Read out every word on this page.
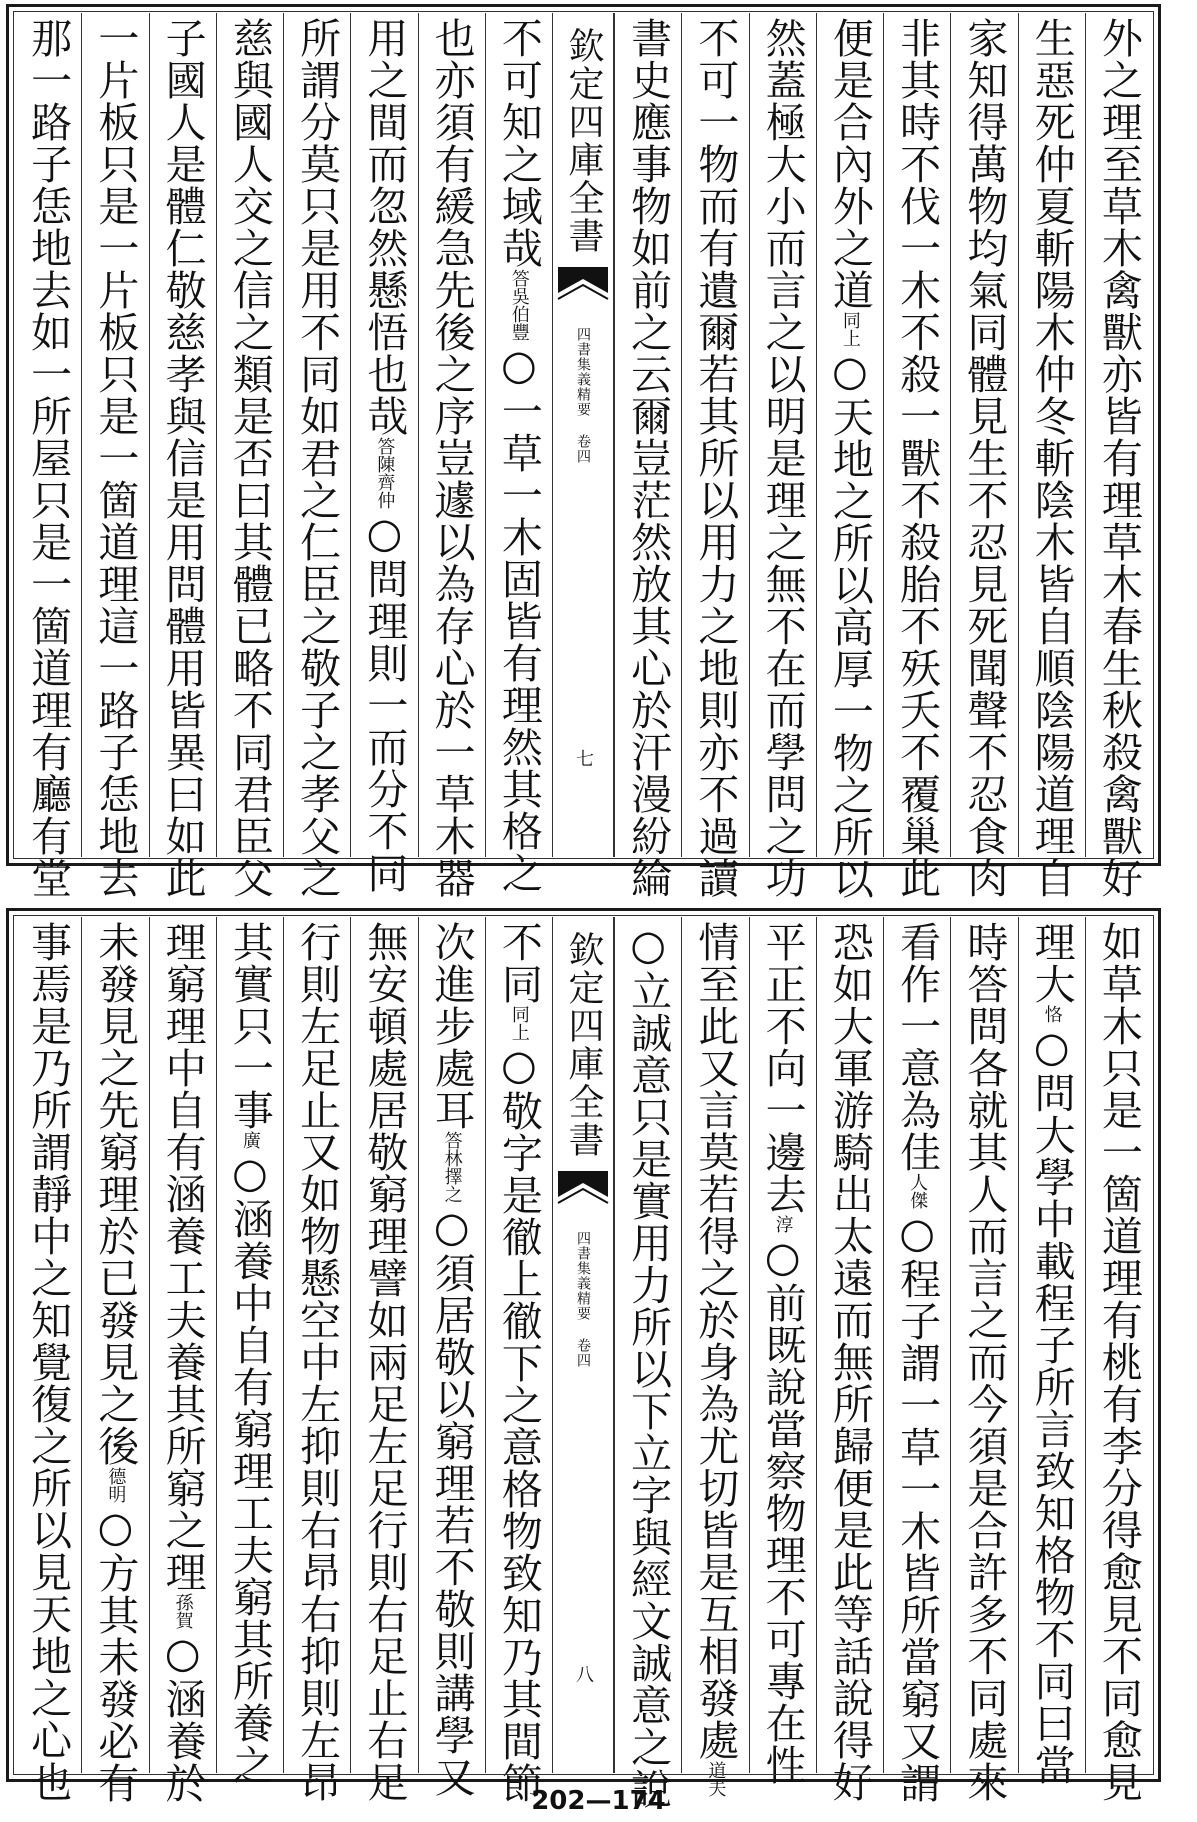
外之理至草木禽獸亦皆有理草木春生秋殺禽獸好
生惡死仲夏斬陽木仲冬斬陰木皆自順陰陽道理自
家知得萬物均氣同體見生不忍見死聞聲不忍食肉
非其時不伐一木不殺一獸不殺胎不殀夭不覆巢此
便是合內外之道同上○天地之所以高厚一物之所以
然蓋極大小而言之以明是理之無不在而學問之功
不可一物而有遺爾若其所以用力之地則亦不過讀
書史應事物如前之云爾豈茫然放其心於汗漫紛綸
欽定四庫全書
四書集義精要 卷四
七
不可知之域哉答吳伯豐○一草一木固皆有理然其格之
也亦須有緩急先後之序豈遽以為存心於一草木器
用之間而忽然懸悟也哉答陳齊仲○問理則一而分不同
所謂分莫只是用不同如君之仁臣之敬子之孝父之
慈與國人交之信之類是否曰其體已略不同君臣父
子國人是體仁敬慈孝與信是用問體用皆異曰如此
一片板只是一片板只是一箇道理這一路子恁地去
那一路子恁地去如一所屋只是一箇道理有廳有堂
如草木只是一箇道理有桃有李分得愈見不同愈見
理大恪○問大學中載程子所言致知格物不同曰當
時答問各就其人而言之而今須是合許多不同處來
看作一意為佳人傑○程子謂一草一木皆所當窮又謂
恐如大軍游騎出太遠而無所歸便是此等話說得好
平正不向一邊去淳○前既說當察物理不可專在性
情至此又言莫若得之於身為尤切皆是互相發處道夫
○立誠意只是實用力所以下立字與經文誠意之說
欽定四庫全書
四書集義精要 卷四
八
不同同上○敬字是徹上徹下之意格物致知乃其間節
次進步處耳答林擇之○須居敬以窮理若不敬則講學又
無安頓處居敬窮理譬如兩足左足行則右足止右足
行則左足止又如物懸空中左抑則右昂右抑則左昂
其實只一事廣○涵養中自有窮理工夫窮其所養之
理窮理中自有涵養工夫養其所窮之理孫賀○涵養於
未發見之先窮理於已發見之後德明○方其未發必有
事焉是乃所謂靜中之知覺復之所以見天地之心也	202—174
